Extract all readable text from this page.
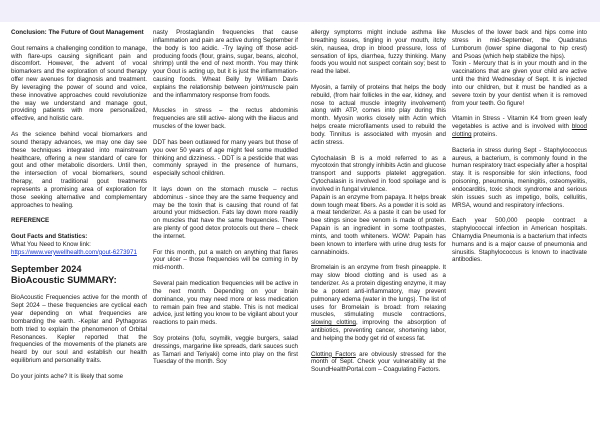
Conclusion: The Future of Gout Management

Gout remains a challenging condition to manage, with flare-ups causing significant pain and discomfort. However, the advent of vocal biomarkers and the exploration of sound therapy offer new avenues for diagnosis and treatment. By leveraging the power of sound and voice, these innovative approaches could revolutionize the way we understand and manage gout, providing patients with more personalized, effective, and holistic care.

As the science behind vocal biomarkers and sound therapy advances, we may one day see these techniques integrated into mainstream healthcare, offering a new standard of care for gout and other metabolic disorders. Until then, the intersection of vocal biomarkers, sound therapy, and traditional gout treatments represents a promising area of exploration for those seeking alternative and complementary approaches to healing.

REFERENCE

Gout Facts and Statistics:

What You Need to Know link:

https://www.verywellhealth.com/gout-6273971

September 2024

BioAcoustic SUMMARY:

BioAcoustic Frequencies active for the month of Sept 2024 – these frequencies are cyclical each year depending on what frequencies are bombarding the earth. -Keplar and Pythagoras both tried to explain the phenomenon of Orbital Resonances. Kepler reported that the frequencies of the movements of the planets are heard by our soul and establish our health equilibrium and personality traits.

Do your joints ache? It is likely that some

nasty Prostaglandin frequencies that cause inflammation and pain are active during September if the body is too acidic. -Try laying off those acid-producing foods (flour, grains, sugar, beans, alcohol, shrimp) until the end of next month. You may think your Gout is acting up, but it is just the inflammation-causing foods. Wheat Belly by William Davis explains the relationship between joint/muscle pain and the inflammatory response from foods.

Muscles in stress – the rectus abdominis frequencies are still active- along with the iliacus and muscles of the lower back.

DDT has been outlawed for many years but those of you over 50 years of age might feel some muddled thinking and dizziness. - DDT is a pesticide that was commonly sprayed in the presence of humans, especially school children.

It lays down on the stomach muscle – rectus abdominus - since they are the same frequency and may be the toxin that is causing that round of fat around your midsection. Fats lay down more readily on muscles that have the same frequencies. There are plenty of good detox protocols out there – check the internet.

For this month, put a watch on anything that flares your ulcer – those frequencies will be coming in by mid-month.

Several pain medication frequencies will be active in the next month. Depending on your brain dominance, you may need more or less medication to remain pain free and stable. This is not medical advice, just letting you know to be vigilant about your reactions to pain meds.

Soy proteins (tofu, soymilk, veggie burgers, salad dressings, margarine like spreads, dark sauces such as Tamari and Teriyaki) come into play on the first Tuesday of the month. Soy

allergy symptoms might include asthma like breathing issues, tingling in your mouth, itchy skin, nausea, drop in blood pressure, loss of sensation of lips, diarrhea, fuzzy thinking. Many foods you would not suspect contain soy; best to read the label.

Myosin, a family of proteins that helps the body rebuild, (from hair follicles in the ear, kidney, and nose to actual muscle integrity involvement) along with ATP, comes into play during this month. Myosin works closely with Actin which helps create microfilaments used to rebuild the body. Tinnitus is associated with myosin and actin stress.

Cytochalasin B is a mold referred to as a mycotoxin that strongly inhibits Actin and glucose transport and supports platelet aggregation. Cytochalasin is involved in food spoilage and is involved in fungal virulence.

Papain is an enzyme from papaya. It helps break down tough meat fibers. As a powder it is sold as a meat tenderizer. As a paste it can be used for bee stings since bee venom is made of protein. Papain is an ingredient in some toothpastes, mints, and tooth whiteners. WOW: Papain has been known to interfere with urine drug tests for cannabinoids.

Bromelain is an enzyme from fresh pineapple. It may slow blood clotting and is used as a tenderizer. As a protein digesting enzyme, it may be a potent anti-inflammatory, may prevent pulmonary edema (water in the lungs). The list of uses for Bromelain is broad: from relaxing muscles, stimulating muscle contractions, slowing clotting, improving the absorption of antibiotics, preventing cancer, shortening labor, and helping the body get rid of excess fat.

Clotting Factors are obviously stressed for the month of Sept. Check your vulnerability at the SoundHealthPortal.com – Coagulating Factors.

Muscles of the lower back and hips come into stress in mid-September, the Quadratus Lumborum (lower spine diagonal to hip crest) and Psoas (which help stabilize the hips).

Toxin - Mercury that is in your mouth and in the vaccinations that are given your child are active until the third Wednesday of Sept. It is injected into our children, but it must be handled as a severe toxin by your dentist when it is removed from your teeth. Go figure!

Vitamin in Stress - Vitamin K4 from green leafy vegetables is active and is involved with blood clotting proteins.

Bacteria in stress during Sept - Staphylococcus aureus, a bacterium, is commonly found in the human respiratory tract especially after a hospital stay. It is responsible for skin infections, food poisoning, pneumonia, meningitis, osteomyelitis, endocarditis, toxic shock syndrome and serious skin issues such as impetigo, boils, cellulitis, MRSA, wound and respiratory infections.

Each year 500,000 people contract a staphylococcal infection in American hospitals. Chlamydia Pneumonia is a bacterium that infects humans and is a major cause of pneumonia and sinusitis. Staphylococcus is known to inactivate antibodies.
